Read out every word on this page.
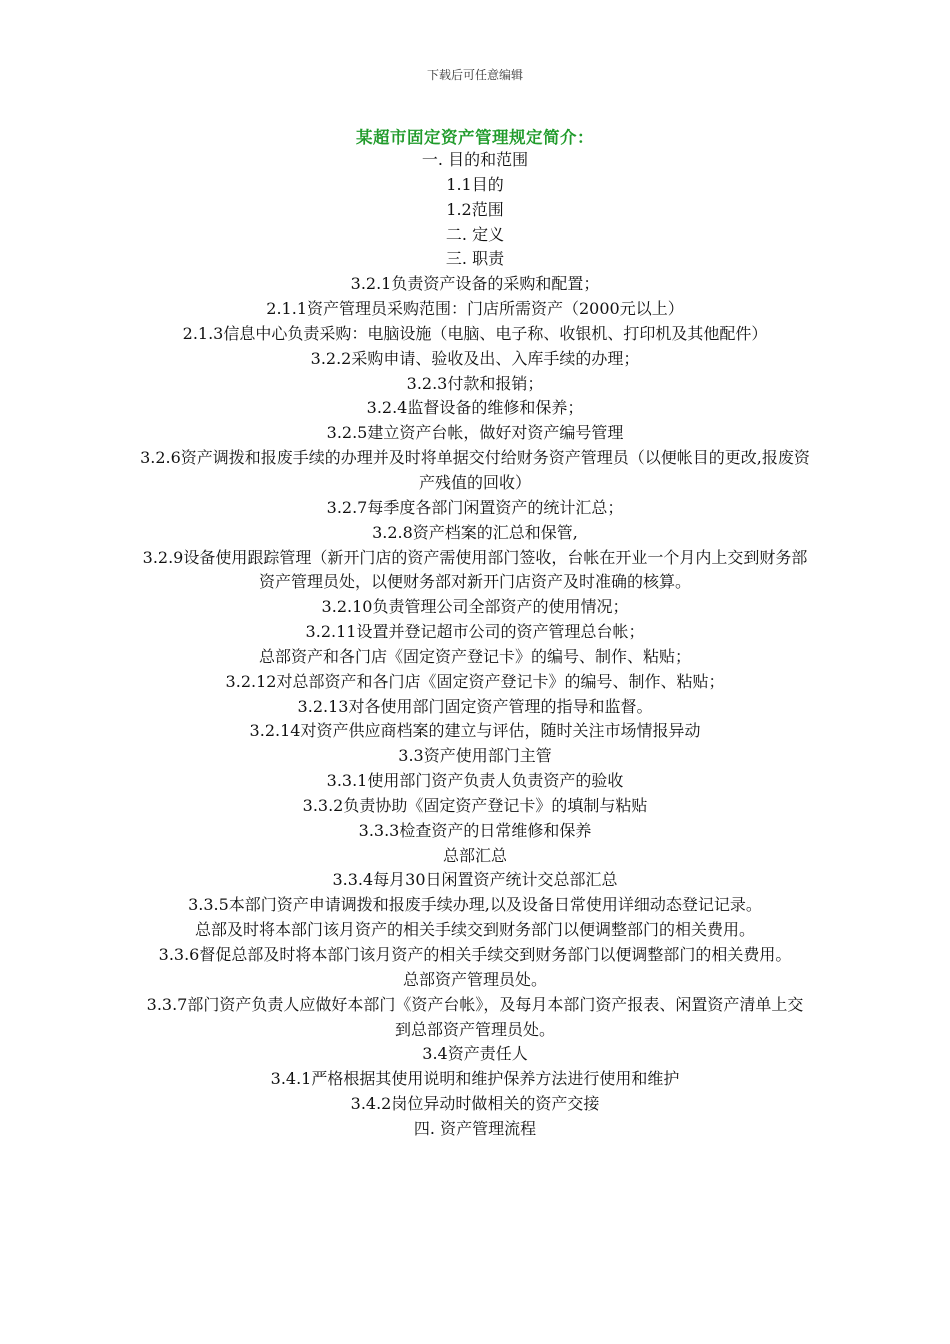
下载后可任意编辑
某超市固定资产管理规定简介：

一. 目的和范围

1.1目的

1.2范围

二. 定义

三. 职责

3.2.1负责资产设备的采购和配置；

2.1.1资产管理员采购范围：门店所需资产（2000元以上）

2.1.3信息中心负责采购：电脑设施（电脑、电子称、收银机、打印机及其他配件）

3.2.2采购申请、验收及出、入库手续的办理；

3.2.3付款和报销；

3.2.4监督设备的维修和保养；

3.2.5建立资产台帐，做好对资产编号管理

3.2.6资产调拨和报废手续的办理并及时将单据交付给财务资产管理员（以便帐目的更改,报废资产残值的回收）

3.2.7每季度各部门闲置资产的统计汇总；

3.2.8资产档案的汇总和保管,

3.2.9设备使用跟踪管理（新开门店的资产需使用部门签收，台帐在开业一个月内上交到财务部资产管理员处，以便财务部对新开门店资产及时准确的核算。

3.2.10负责管理公司全部资产的使用情况；

3.2.11设置并登记超市公司的资产管理总台帐；

总部资产和各门店《固定资产登记卡》的编号、制作、粘贴；

3.2.12对总部资产和各门店《固定资产登记卡》的编号、制作、粘贴；

3.2.13对各使用部门固定资产管理的指导和监督。

3.2.14对资产供应商档案的建立与评估，随时关注市场情报异动

3.3资产使用部门主管

3.3.1使用部门资产负责人负责资产的验收

3.3.2负责协助《固定资产登记卡》的填制与粘贴

3.3.3检查资产的日常维修和保养

总部汇总

3.3.4每月30日闲置资产统计交总部汇总

3.3.5本部门资产申请调拨和报废手续办理,以及设备日常使用详细动态登记记录。

总部及时将本部门该月资产的相关手续交到财务部门以便调整部门的相关费用。

3.3.6督促总部及时将本部门该月资产的相关手续交到财务部门以便调整部门的相关费用。

总部资产管理员处。

3.3.7部门资产负责人应做好本部门《资产台帐》，及每月本部门资产报表、闲置资产清单上交到总部资产管理员处。

3.4资产责任人

3.4.1严格根据其使用说明和维护保养方法进行使用和维护

3.4.2岗位异动时做相关的资产交接

四. 资产管理流程
